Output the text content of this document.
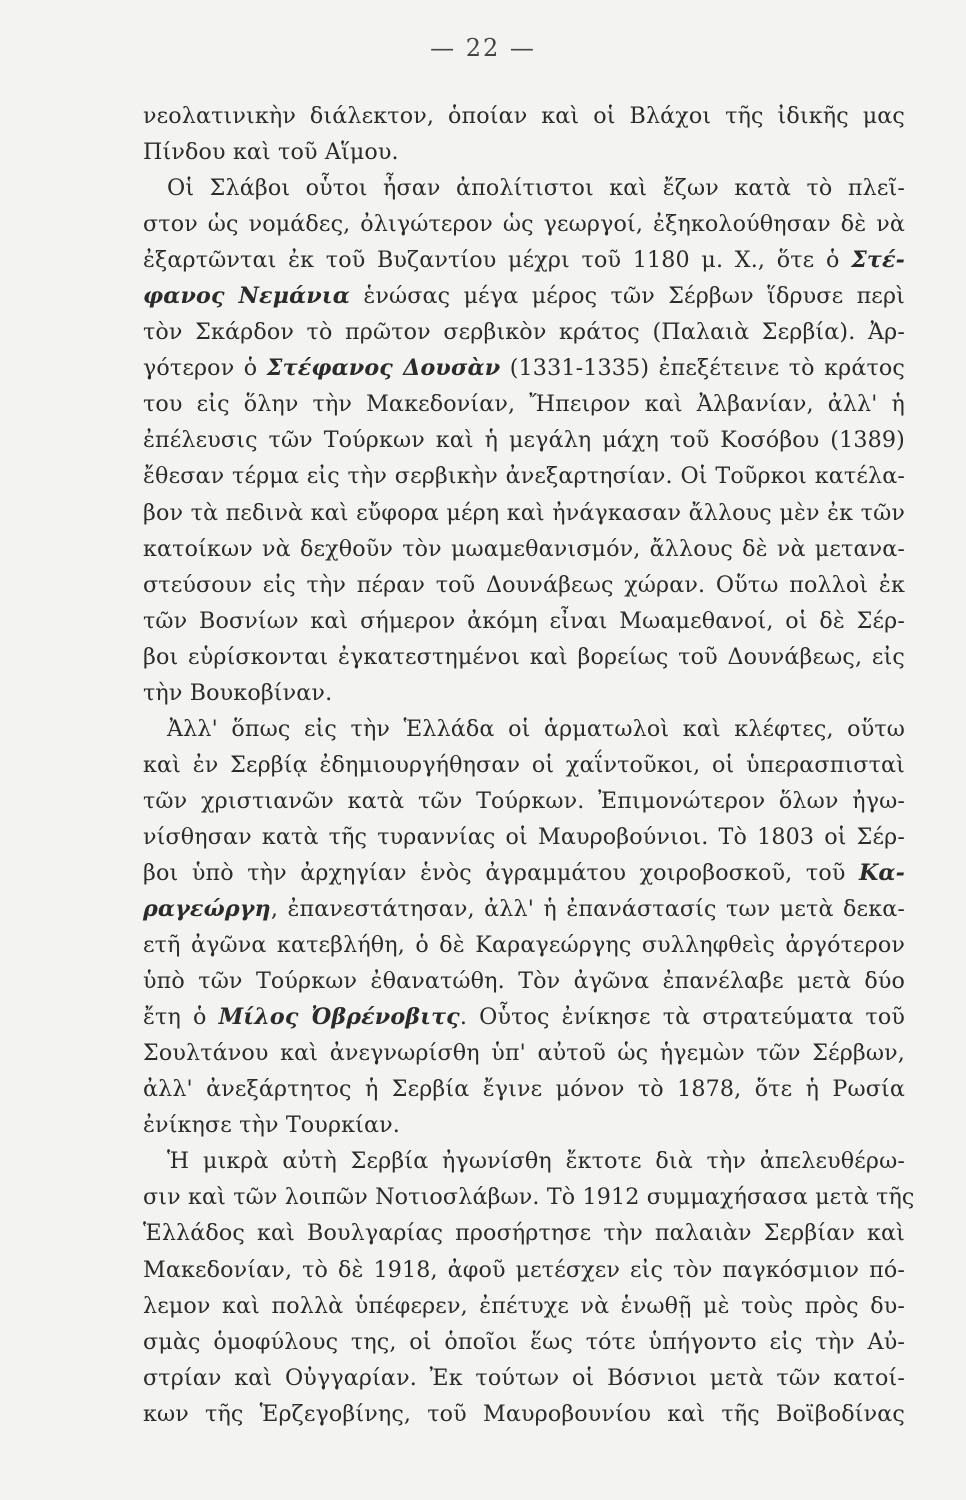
— 22 —
νεολατινικὴν διάλεκτον, ὁποίαν καὶ οἱ Βλάχοι τῆς ἰδικῆς μας
Πίνδου καὶ τοῦ Αἵμου.
Οἱ Σλάβοι οὗτοι ἦσαν ἀπολίτιστοι καὶ ἔζων κατὰ τὸ πλεῖ-
στον ὡς νομάδες, ὀλιγώτερον ὡς γεωργοί, ἐξηκολούθησαν δὲ νὰ
ἐξαρτῶνται ἐκ τοῦ Βυζαντίου μέχρι τοῦ 1180 μ. Χ., ὅτε ὁ Στέ-
φανος Νεμάνια ἑνώσας μέγα μέρος τῶν Σέρβων ἵδρυσε περὶ
τὸν Σκάρδον τὸ πρῶτον σερβικὸν κράτος (Παλαιὰ Σερβία). Ἀρ-
γότερον ὁ Στέφανος Δουσὰν (1331-1335) ἐπεξέτεινε τὸ κράτος
του εἰς ὅλην τὴν Μακεδονίαν, Ἤπειρον καὶ Ἀλβανίαν, ἀλλ' ἡ
ἐπέλευσις τῶν Τούρκων καὶ ἡ μεγάλη μάχη τοῦ Κοσόβου (1389)
ἔθεσαν τέρμα εἰς τὴν σερβικὴν ἀνεξαρτησίαν. Οἱ Τοῦρκοι κατέλα-
βον τὰ πεδινὰ καὶ εὔφορα μέρη καὶ ἠνάγκασαν ἄλλους μὲν ἐκ τῶν
κατοίκων νὰ δεχθοῦν τὸν μωαμεθανισμόν, ἄλλους δὲ νὰ μετανα-
στεύσουν εἰς τὴν πέραν τοῦ Δουνάβεως χώραν. Οὕτω πολλοὶ ἐκ
τῶν Βοσνίων καὶ σήμερον ἀκόμη εἶναι Μωαμεθανοί, οἱ δὲ Σέρ-
βοι εὑρίσκονται ἐγκατεστημένοι καὶ βορείως τοῦ Δουνάβεως, εἰς
τὴν Βουκοβίναν.
Ἀλλ' ὅπως εἰς τὴν Ἑλλάδα οἱ ἁρματωλοὶ καὶ κλέφτες, οὕτω
καὶ ἐν Σερβίᾳ ἐδημιουργήθησαν οἱ χαΐντοῦκοι, οἱ ὑπερασπισταὶ
τῶν χριστιανῶν κατὰ τῶν Τούρκων. Ἐπιμονώτερον ὅλων ἠγω-
νίσθησαν κατὰ τῆς τυραννίας οἱ Μαυροβούνιοι. Τὸ 1803 οἱ Σέρ-
βοι ὑπὸ τὴν ἀρχηγίαν ἑνὸς ἀγραμμάτου χοιροβοσκοῦ, τοῦ Κα-
ραγεώργη, ἐπανεστάτησαν, ἀλλ' ἡ ἐπανάστασίς των μετὰ δεκα-
ετῆ ἀγῶνα κατεβλήθη, ὁ δὲ Καραγεώργης συλληφθεὶς ἀργότερον
ὑπὸ τῶν Τούρκων ἐθανατώθη. Τὸν ἀγῶνα ἐπανέλαβε μετὰ δύο
ἔτη ὁ Μίλος Ὀβρένοβιτς. Οὗτος ἐνίκησε τὰ στρατεύματα τοῦ
Σουλτάνου καὶ ἀνεγνωρίσθη ὑπ' αὐτοῦ ὡς ἡγεμὼν τῶν Σέρβων,
ἀλλ' ἀνεξάρτητος ἡ Σερβία ἔγινε μόνον τὸ 1878, ὅτε ἡ Ρωσία
ἐνίκησε τὴν Τουρκίαν.
Ἡ μικρὰ αὐτὴ Σερβία ἠγωνίσθη ἔκτοτε διὰ τὴν ἀπελευθέρω-
σιν καὶ τῶν λοιπῶν Νοτιοσλάβων. Τὸ 1912 συμμαχήσασα μετὰ τῆς
Ἑλλάδος καὶ Βουλγαρίας προσήρτησε τὴν παλαιὰν Σερβίαν καὶ
Μακεδονίαν, τὸ δὲ 1918, ἀφοῦ μετέσχεν εἰς τὸν παγκόσμιον πό-
λεμον καὶ πολλὰ ὑπέφερεν, ἐπέτυχε νὰ ἑνωθῇ μὲ τοὺς πρὸς δυ-
σμὰς ὁμοφύλους της, οἱ ὁποῖοι ἕως τότε ὑπήγοντο εἰς τὴν Αὐ-
στρίαν καὶ Οὐγγαρίαν. Ἐκ τούτων οἱ Βόσνιοι μετὰ τῶν κατοί-
κων τῆς Ἑρζεγοβίνης, τοῦ Μαυροβουνίου καὶ τῆς Βοϊβοδίνας
